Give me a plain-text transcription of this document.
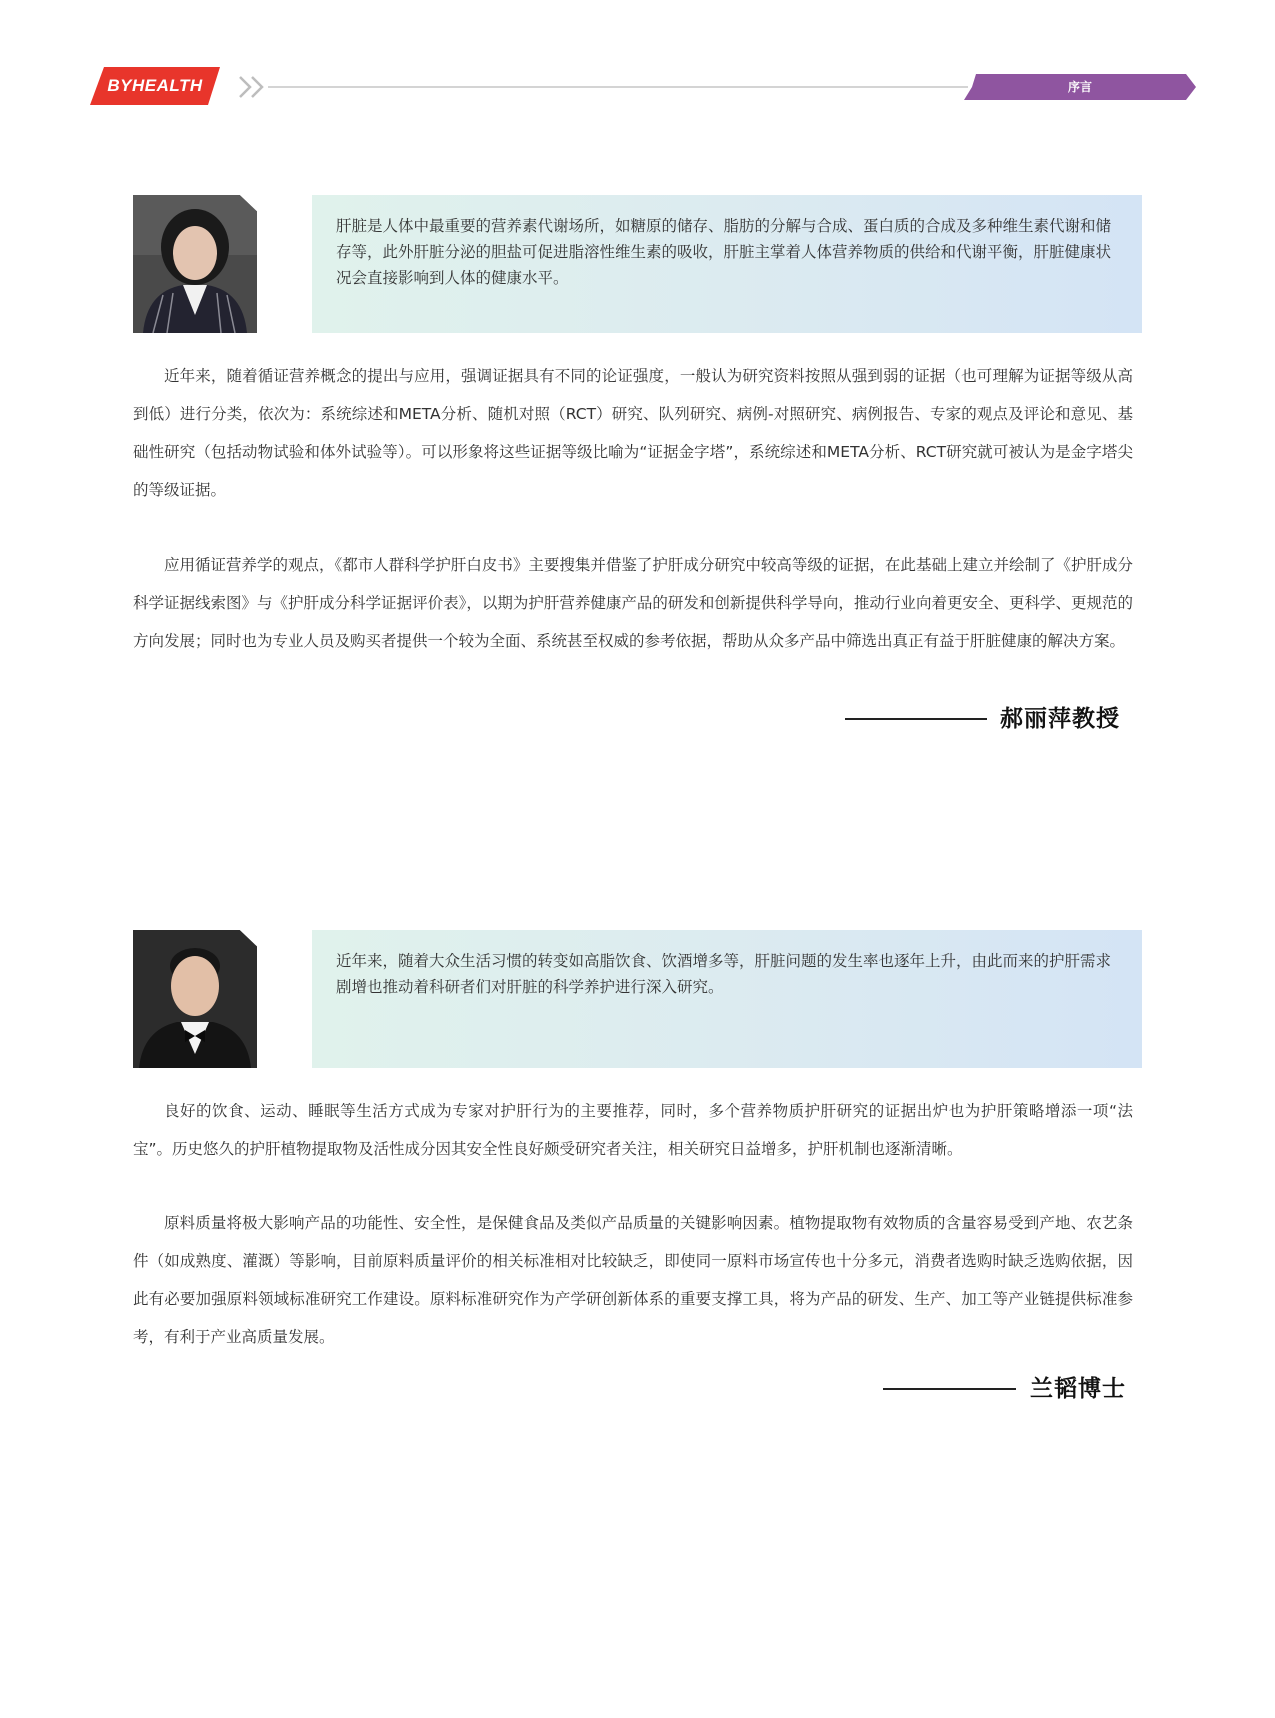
BYHEALTH	序言
肝脏是人体中最重要的营养素代谢场所，如糖原的储存、脂肪的分解与合成、蛋白质的合成及多种维生素代谢和储存等，此外肝脏分泌的胆盐可促进脂溶性维生素的吸收，肝脏主掌着人体营养物质的供给和代谢平衡，肝脏健康状况会直接影响到人体的健康水平。
近年来，随着循证营养概念的提出与应用，强调证据具有不同的论证强度，一般认为研究资料按照从强到弱的证据（也可理解为证据等级从高到低）进行分类，依次为：系统综述和META分析、随机对照（RCT）研究、队列研究、病例-对照研究、病例报告、专家的观点及评论和意见、基础性研究（包括动物试验和体外试验等）。可以形象将这些证据等级比喻为“证据金字塔”，系统综述和META分析、RCT研究就可被认为是金字塔尖的等级证据。
应用循证营养学的观点，《都市人群科学护肝白皮书》主要搜集并借鉴了护肝成分研究中较高等级的证据，在此基础上建立并绘制了《护肝成分科学证据线索图》与《护肝成分科学证据评价表》，以期为护肝营养健康产品的研发和创新提供科学导向，推动行业向着更安全、更科学、更规范的方向发展；同时也为专业人员及购买者提供一个较为全面、系统甚至权威的参考依据，帮助从众多产品中筛选出真正有益于肝脏健康的解决方案。
郝丽萍教授
近年来，随着大众生活习惯的转变如高脂饮食、饮酒增多等，肝脏问题的发生率也逐年上升，由此而来的护肝需求剧增也推动着科研者们对肝脏的科学养护进行深入研究。
良好的饮食、运动、睡眠等生活方式成为专家对护肝行为的主要推荐，同时，多个营养物质护肝研究的证据出炉也为护肝策略增添一项“法宝”。历史悠久的护肝植物提取物及活性成分因其安全性良好颇受研究者关注，相关研究日益增多，护肝机制也逐渐清晰。
原料质量将极大影响产品的功能性、安全性，是保健食品及类似产品质量的关键影响因素。植物提取物有效物质的含量容易受到产地、农艺条件（如成熟度、灌溉）等影响，目前原料质量评价的相关标准相对比较缺乏，即使同一原料市场宣传也十分多元，消费者选购时缺乏选购依据，因此有必要加强原料领域标准研究工作建设。原料标准研究作为产学研创新体系的重要支撑工具，将为产品的研发、生产、加工等产业链提供标准参考，有利于产业高质量发展。
兰韬博士
